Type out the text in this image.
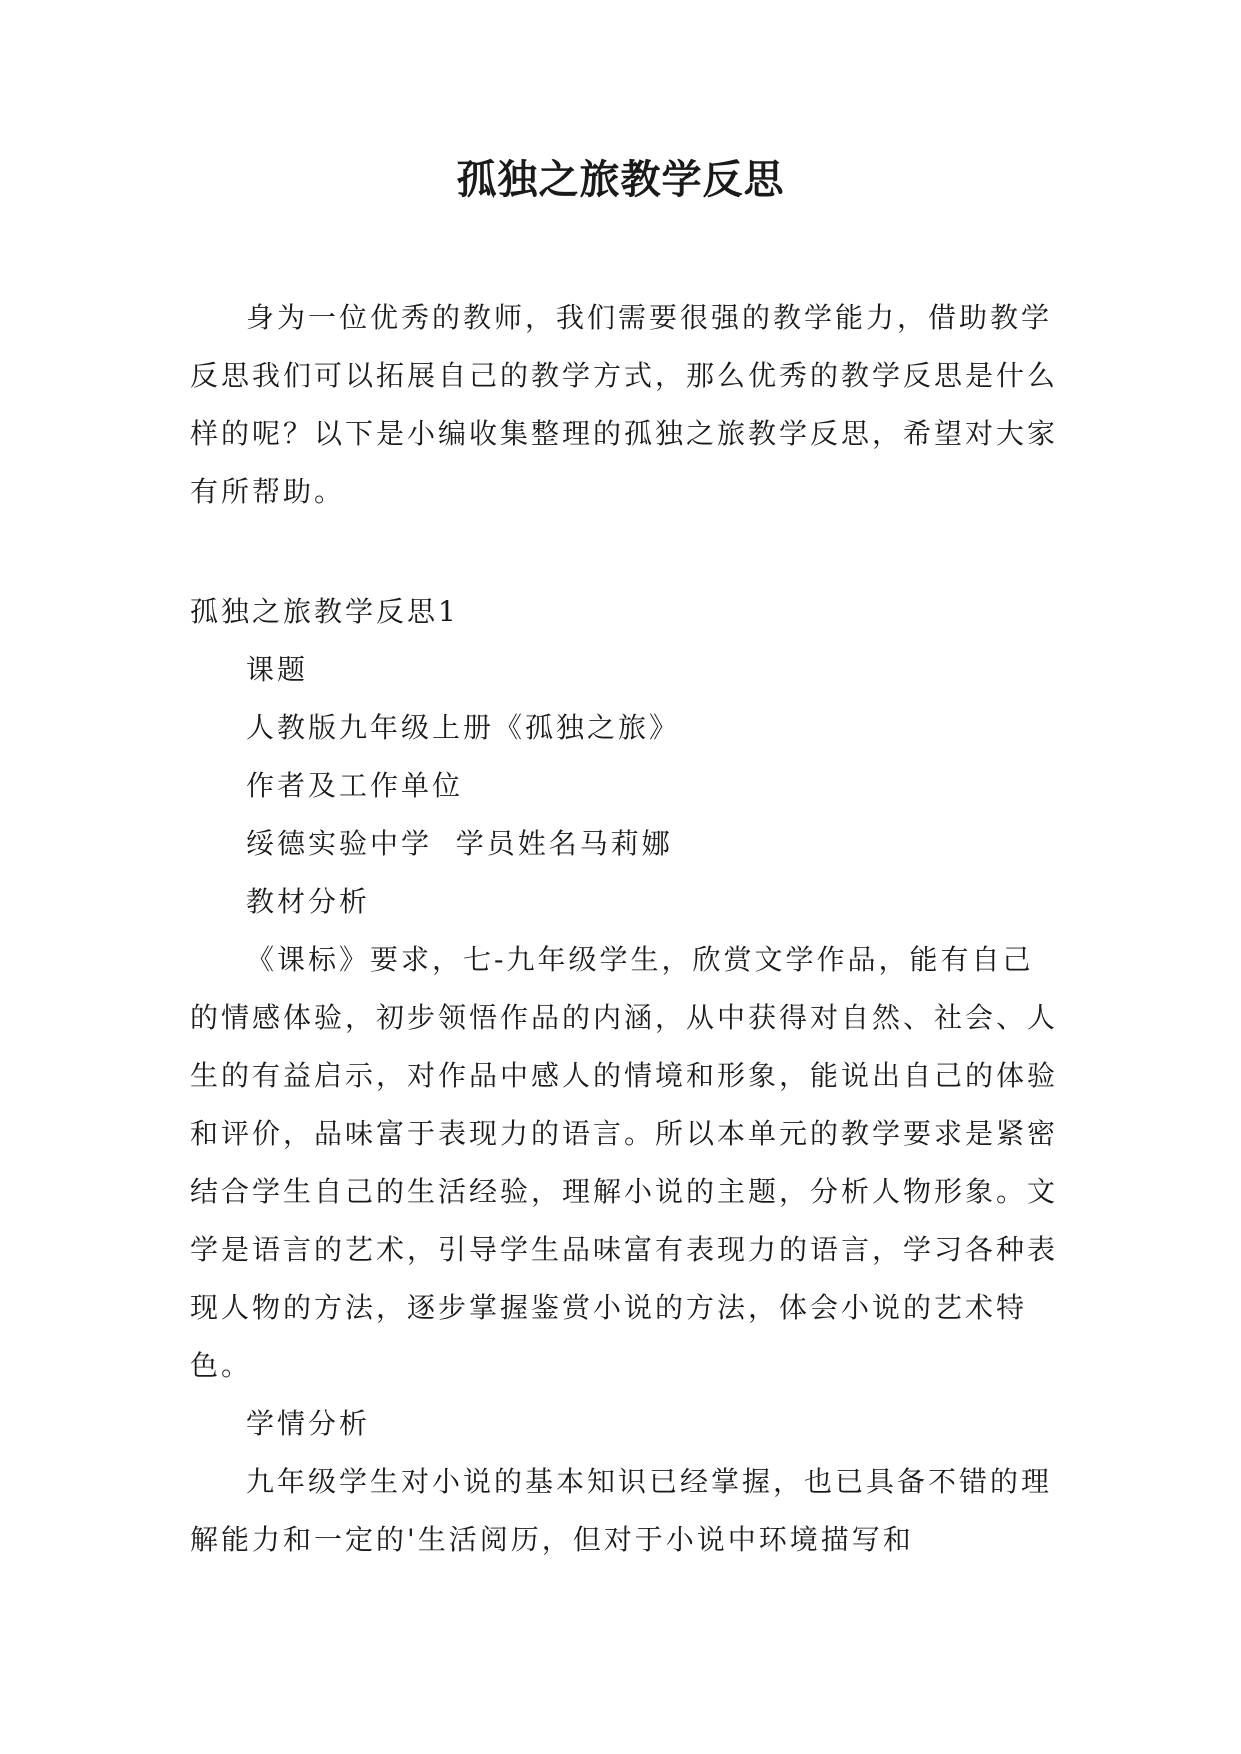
孤独之旅教学反思

身为一位优秀的教师，我们需要很强的教学能力，借助教学反思我们可以拓展自己的教学方式，那么优秀的教学反思是什么样的呢？以下是小编收集整理的孤独之旅教学反思，希望对大家有所帮助。

孤独之旅教学反思1

课题

人教版九年级上册《孤独之旅》

作者及工作单位

绥德实验中学  学员姓名马莉娜

教材分析

《课标》要求，七-九年级学生，欣赏文学作品，能有自己的情感体验，初步领悟作品的内涵，从中获得对自然、社会、人生的有益启示，对作品中感人的情境和形象，能说出自己的体验和评价，品味富于表现力的语言。所以本单元的教学要求是紧密结合学生自己的生活经验，理解小说的主题，分析人物形象。文学是语言的艺术，引导学生品味富有表现力的语言，学习各种表现人物的方法，逐步掌握鉴赏小说的方法，体会小说的艺术特色。

学情分析

九年级学生对小说的基本知识已经掌握，也已具备不错的理解能力和一定的'生活阅历，但对于小说中环境描写和
